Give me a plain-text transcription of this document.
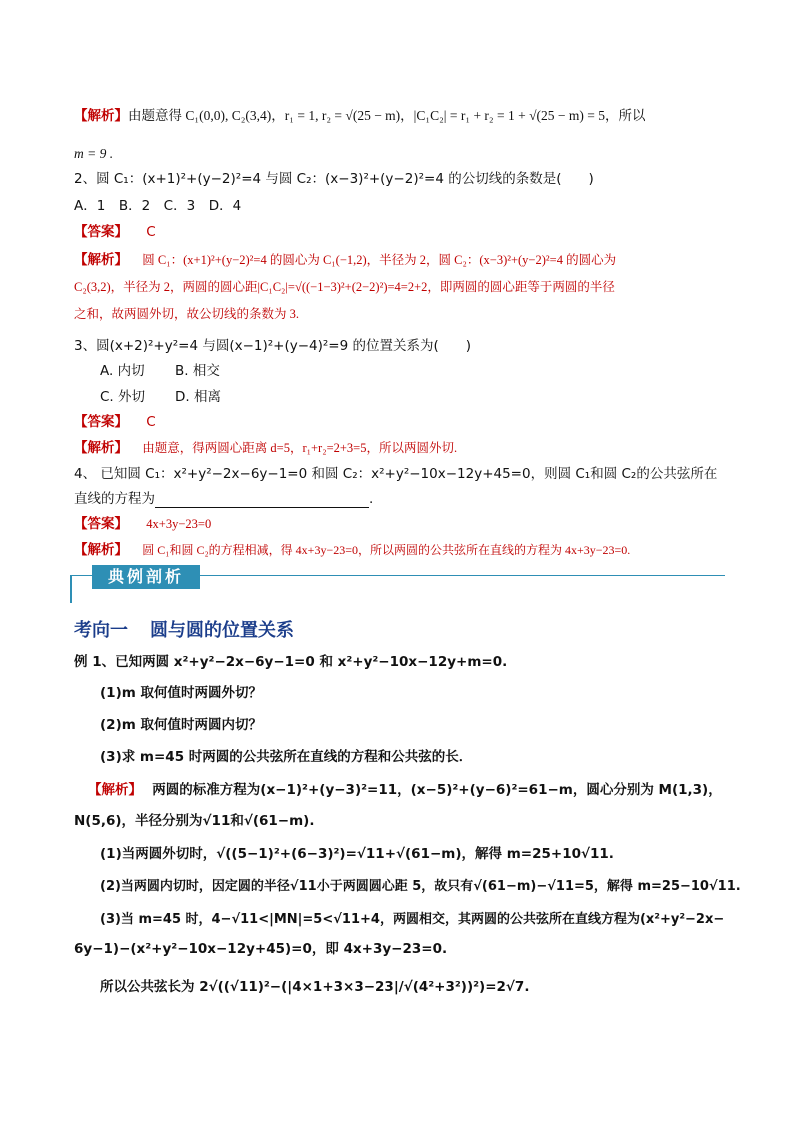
【解析】由题意得 C₁(0,0), C₂(3,4)，r₁ = 1, r₂ = √(25 − m)，|C₁C₂| = r₁ + r₂ = 1 + √(25 − m) = 5，所以
m = 9 .
2、圆 C₁：(x+1)²+(y−2)²=4 与圆 C₂：(x−3)²+(y−2)²=4 的公切线的条数是(　　)
A．1　B．2　C．3　D．4
【答案】 C
【解析】 圆 C₁：(x+1)²+(y−2)²=4 的圆心为 C₁(−1,2)，半径为 2，圆 C₂：(x−3)²+(y−2)²=4 的圆心为
C₂(3,2)，半径为 2，两圆的圆心距|C₁C₂|=√((−1−3)²+(2−2)²)=4=2+2，即两圆的圆心距等于两圆的半径
之和，故两圆外切，故公切线的条数为 3.
3、圆(x+2)²+y²=4 与圆(x−1)²+(y−4)²=9 的位置关系为(　　)
A. 内切 B. 相交
C. 外切 D. 相离
【答案】 C
【解析】 由题意，得两圆心距离 d=5，r₁+r₂=2+3=5，所以两圆外切.
4、 已知圆 C₁：x²+y²−2x−6y−1=0 和圆 C₂：x²+y²−10x−12y+45=0，则圆 C₁和圆 C₂的公共弦所在
直线的方程为	.
【答案】 4x+3y−23=0
【解析】 圆 C₁和圆 C₂的方程相减，得 4x+3y−23=0，所以两圆的公共弦所在直线的方程为 4x+3y−23=0.
典例剖析
考向一 圆与圆的位置关系
例 1、已知两圆 x²+y²−2x−6y−1=0 和 x²+y²−10x−12y+m=0.
(1)m 取何值时两圆外切？
(2)m 取何值时两圆内切？
(3)求 m=45 时两圆的公共弦所在直线的方程和公共弦的长．
【解析】 两圆的标准方程为(x−1)²+(y−3)²=11，(x−5)²+(y−6)²=61−m，圆心分别为 M(1,3)，
N(5,6)，半径分别为√11和√(61−m).
(1)当两圆外切时，√((5−1)²+(6−3)²)=√11+√(61−m)，解得 m=25+10√11.
(2)当两圆内切时，因定圆的半径√11小于两圆圆心距 5，故只有√(61−m)−√11=5，解得 m=25−10√11.
(3)当 m=45 时，4−√11<|MN|=5<√11+4，两圆相交，其两圆的公共弦所在直线方程为(x²+y²−2x−
6y−1)−(x²+y²−10x−12y+45)=0，即 4x+3y−23=0.
所以公共弦长为 2√((√11)²−(|4×1+3×3−23|/√(4²+3²))²)=2√7.
